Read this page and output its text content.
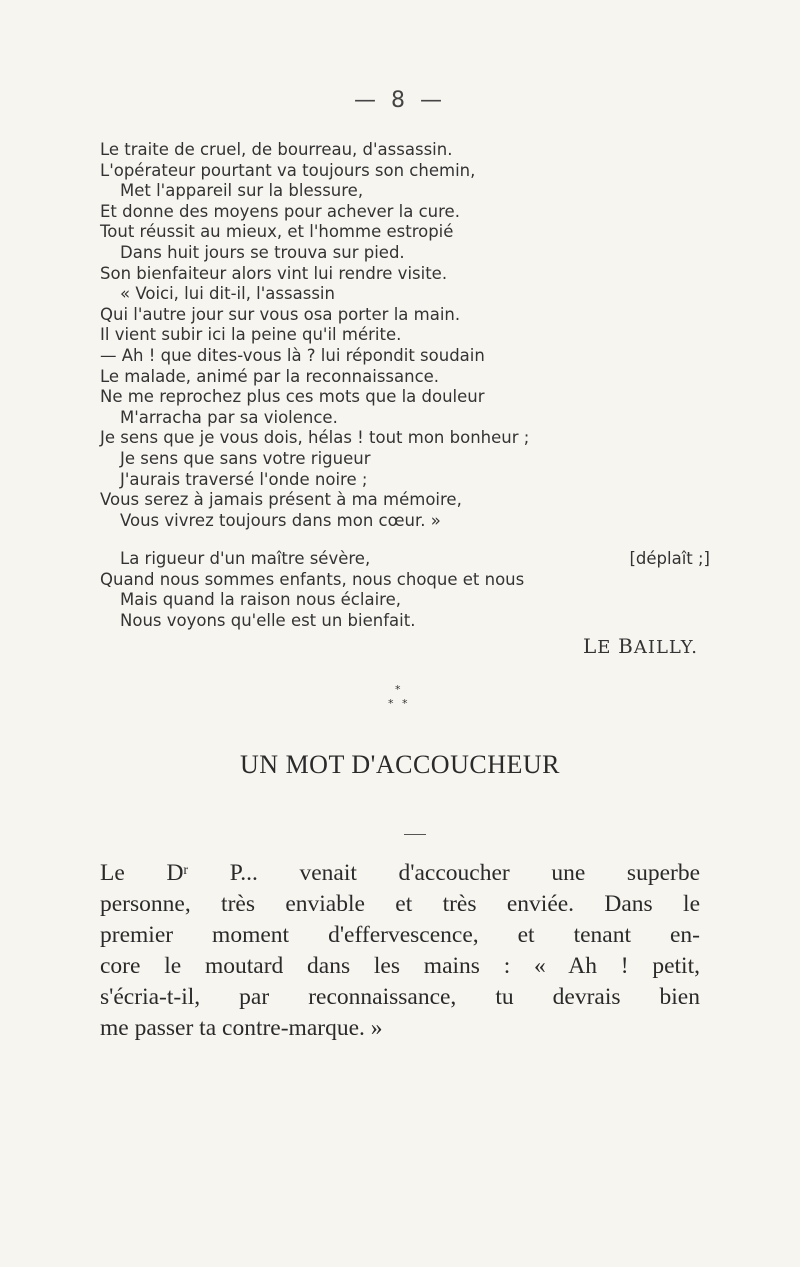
— 8 —
Le traite de cruel, de bourreau, d'assassin.
L'opérateur pourtant va toujours son chemin,
Met l'appareil sur la blessure,
Et donne des moyens pour achever la cure.
Tout réussit au mieux, et l'homme estropié
Dans huit jours se trouva sur pied.
Son bienfaiteur alors vint lui rendre visite.
« Voici, lui dit-il, l'assassin
Qui l'autre jour sur vous osa porter la main.
Il vient subir ici la peine qu'il mérite.
— Ah ! que dites-vous là ? lui répondit soudain
Le malade, animé par la reconnaissance.
Ne me reprochez plus ces mots que la douleur
M'arracha par sa violence.
Je sens que je vous dois, hélas ! tout mon bonheur ;
Je sens que sans votre rigueur
J'aurais traversé l'onde noire ;
Vous serez à jamais présent à ma mémoire,
Vous vivrez toujours dans mon cœur. »
La rigueur d'un maître sévère,	[déplaît ;]
Quand nous sommes enfants, nous choque et nous
Mais quand la raison nous éclaire,
Nous voyons qu'elle est un bienfait.
LE BAILLY.
*
* *
UN MOT D'ACCOUCHEUR
Le $D^r$ P... venait d'accoucher une superbe
personne, très enviable et très enviée. Dans le
premier moment d'effervescence, et tenant en-
core le moutard dans les mains : « Ah ! petit,
s'écria-t-il, par reconnaissance, tu devrais bien
me passer ta contre-marque. »
